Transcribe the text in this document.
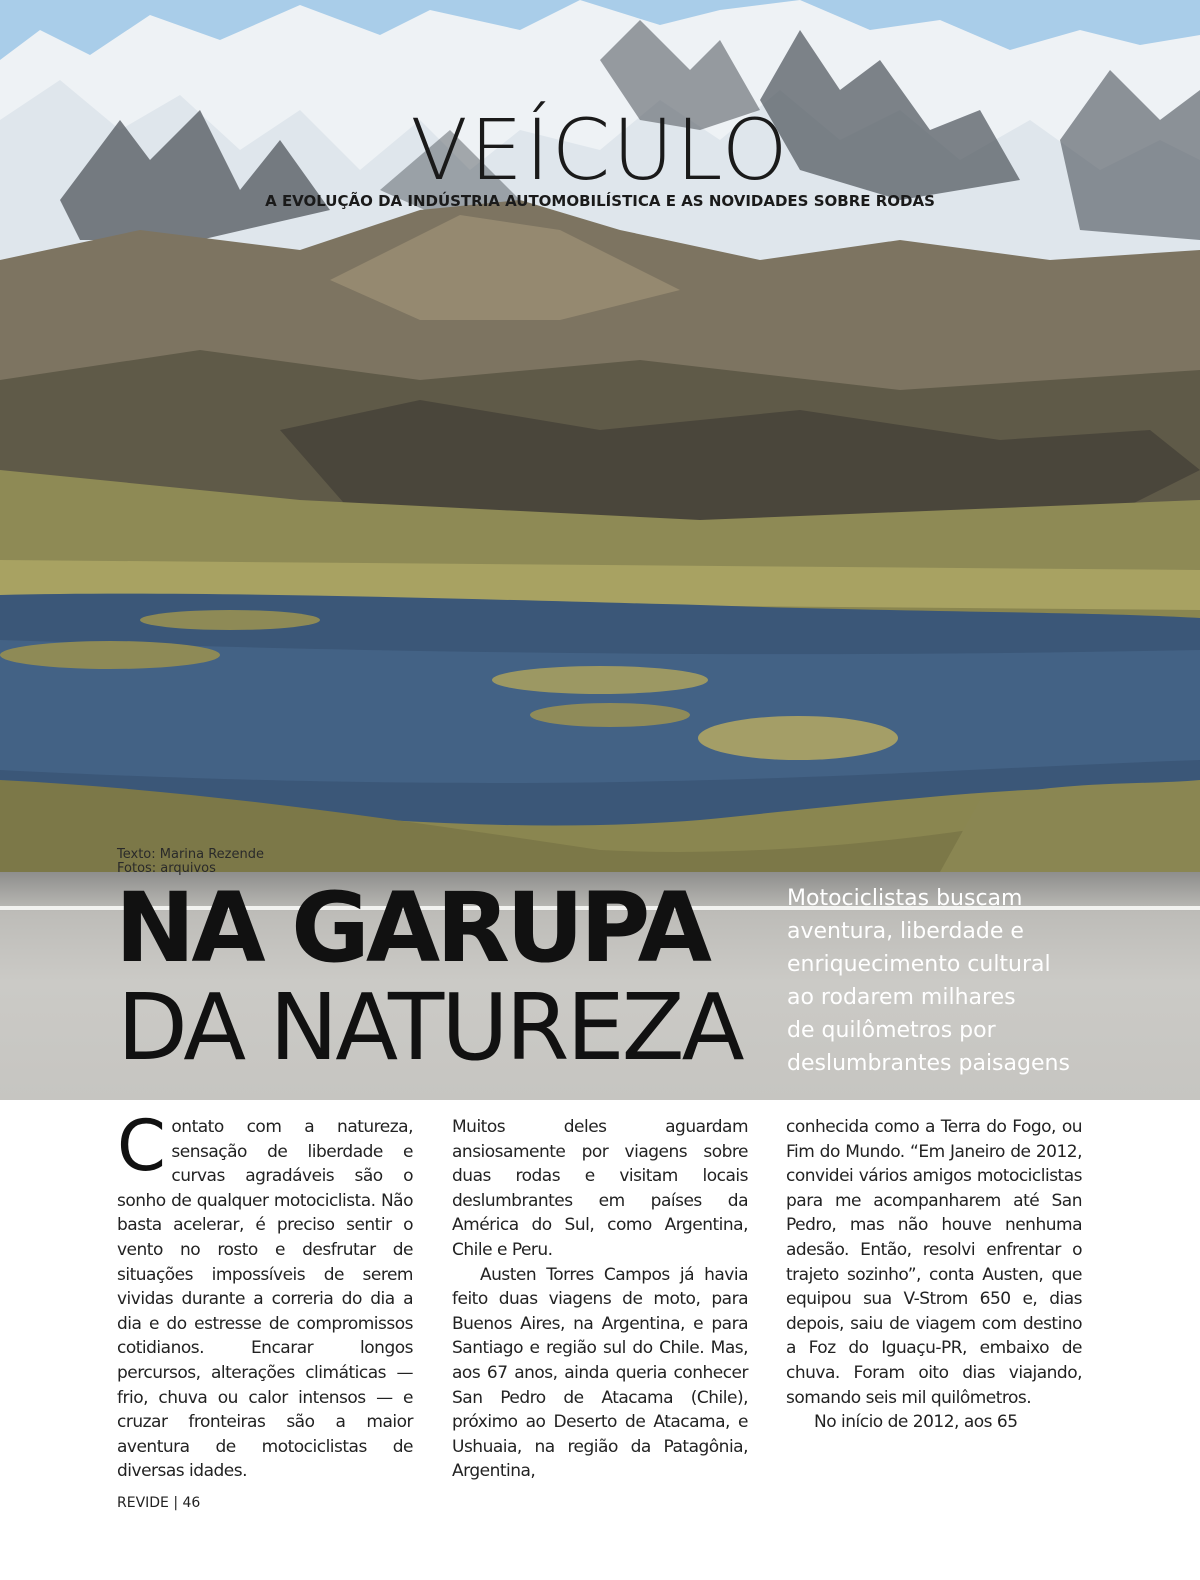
VEÍCULO
A EVOLUÇÃO DA INDÚSTRIA AUTOMOBILÍSTICA E AS NOVIDADES SOBRE RODAS
Texto: Marina Rezende
Fotos: arquivos
NA GARUPA
DA NATUREZA
Motociclistas buscam
aventura, liberdade e
enriquecimento cultural
ao rodarem milhares
de quilômetros por
deslumbrantes paisagens

Contato com a natureza, sensação de liberdade e curvas agradáveis são o sonho de qualquer motociclista. Não basta acelerar, é preciso sentir o vento no rosto e desfrutar de situações impossíveis de serem vividas durante a correria do dia a dia e do estresse de compromissos cotidianos. Encarar longos percursos, alterações climáticas — frio, chuva ou calor intensos — e cruzar fronteiras são a maior aventura de motociclistas de diversas idades.

Muitos deles aguardam ansiosamente por viagens sobre duas rodas e visitam locais deslumbrantes em países da América do Sul, como Argentina, Chile e Peru.

Austen Torres Campos já havia feito duas viagens de moto, para Buenos Aires, na Argentina, e para Santiago e região sul do Chile. Mas, aos 67 anos, ainda queria conhecer San Pedro de Atacama (Chile), próximo ao Deserto de Atacama, e Ushuaia, na região da Patagônia, Argentina,

conhecida como a Terra do Fogo, ou Fim do Mundo. “Em Janeiro de 2012, convidei vários amigos motociclistas para me acompanharem até San Pedro, mas não houve nenhuma adesão. Então, resolvi enfrentar o trajeto sozinho”, conta Austen, que equipou sua V-Strom 650 e, dias depois, saiu de viagem com destino a Foz do Iguaçu-PR, embaixo de chuva. Foram oito dias viajando, somando seis mil quilômetros.

No início de 2012, aos 65

REVIDE | 46
